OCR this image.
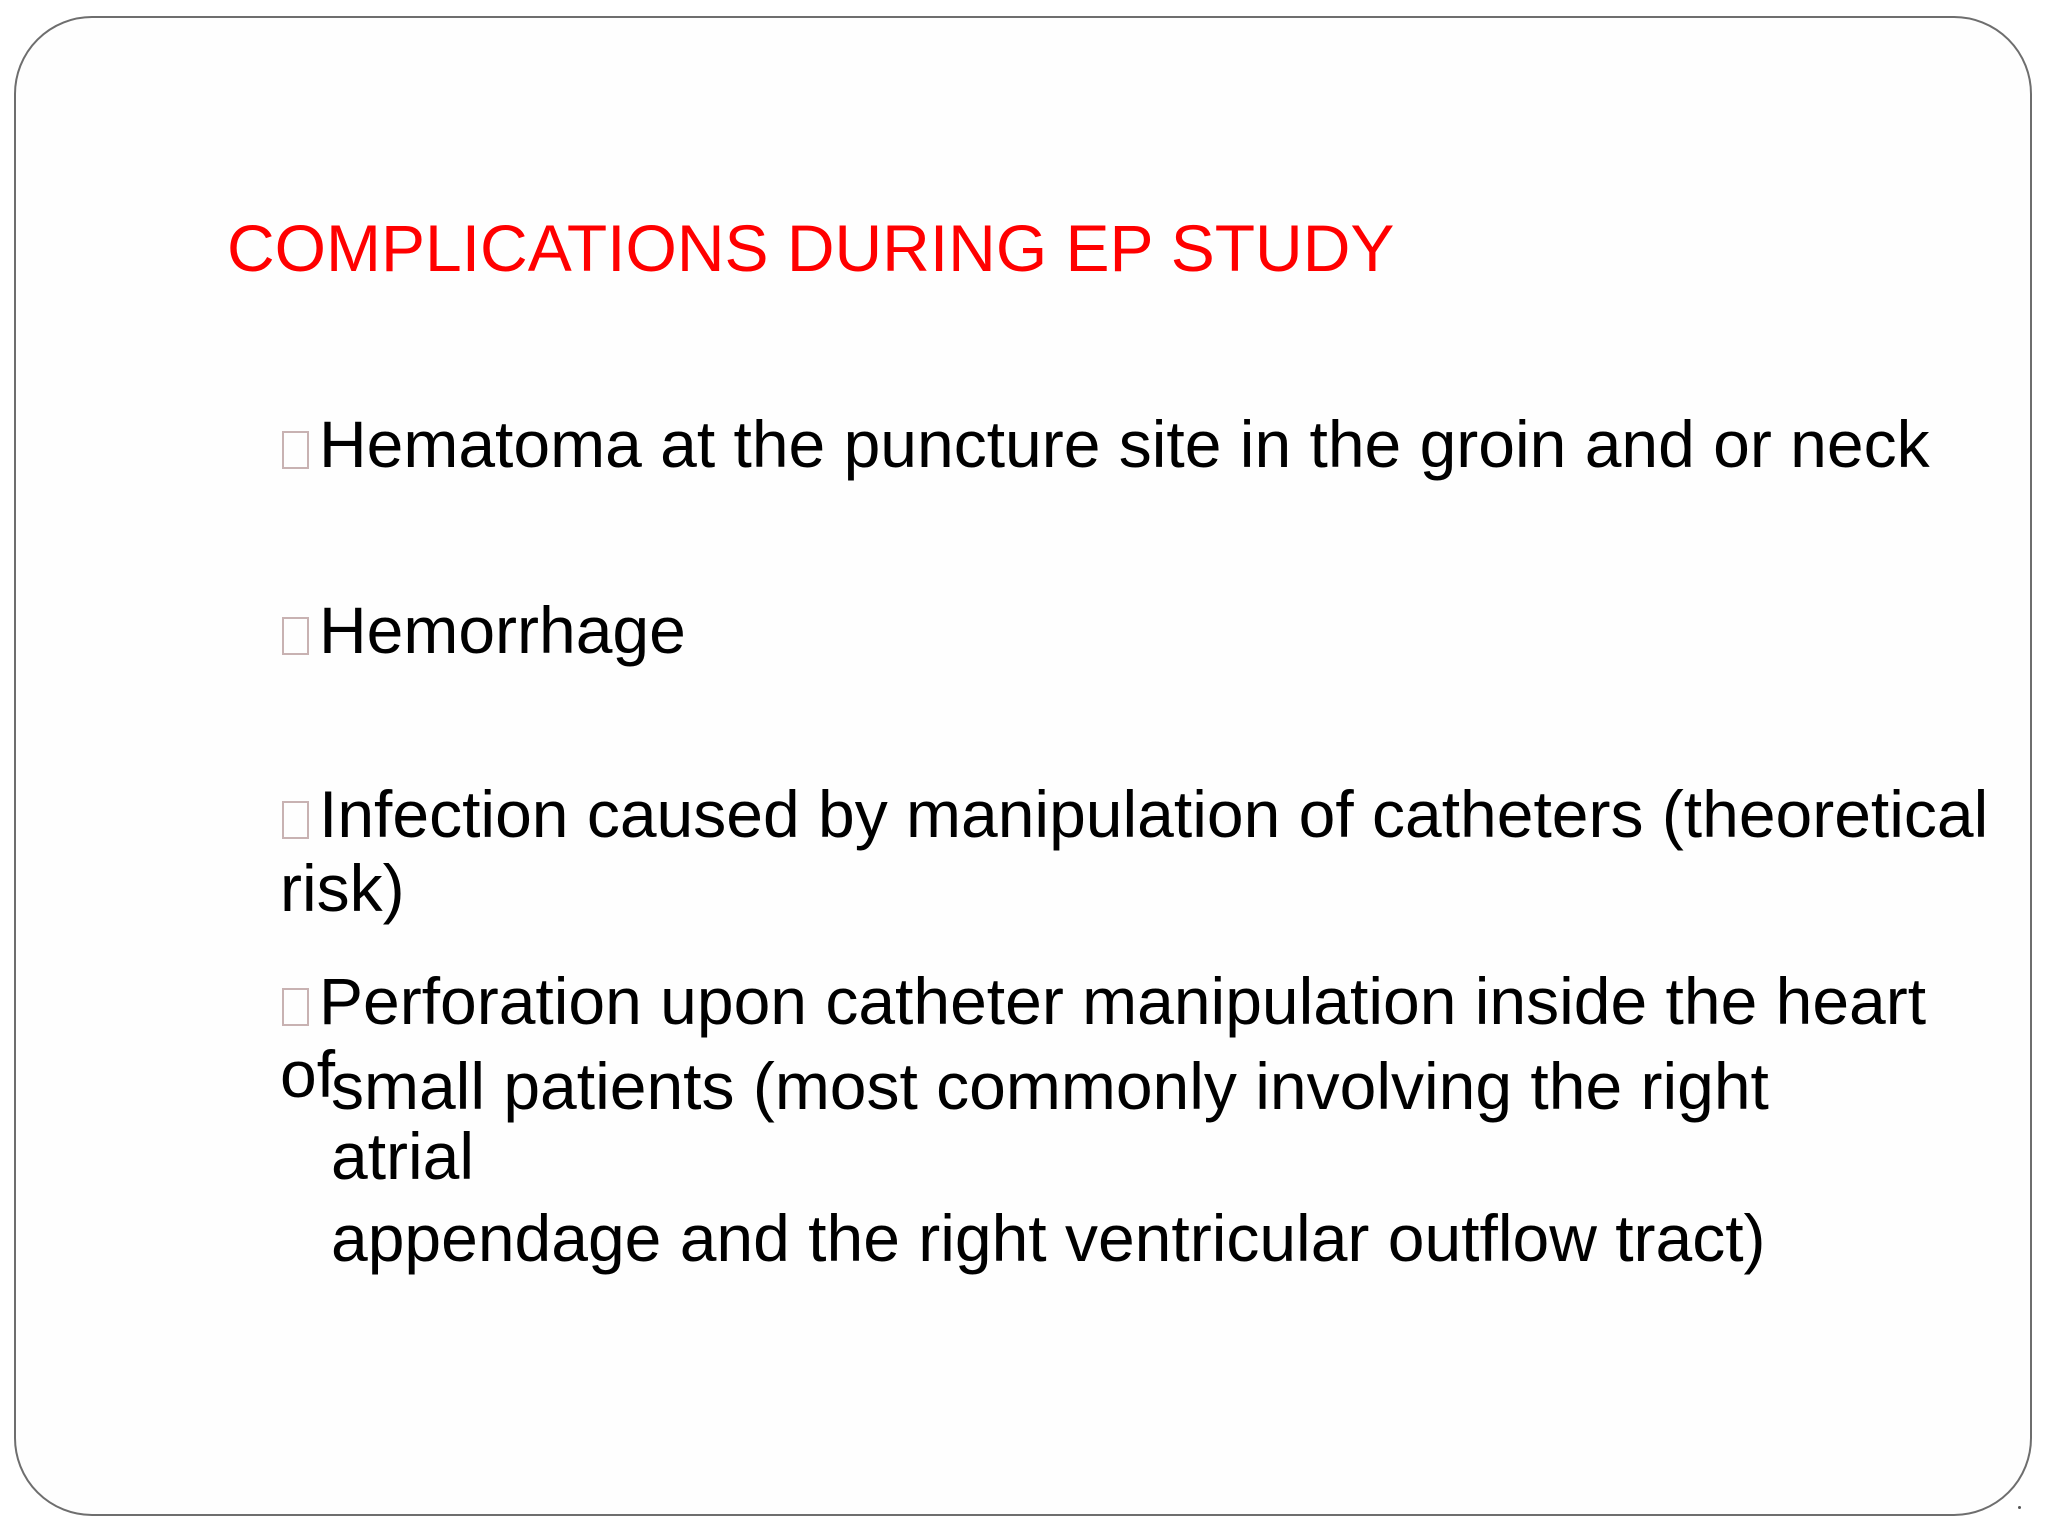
COMPLICATIONS DURING EP STUDY
Hematoma at the puncture site in the groin and or neck
Hemorrhage
Infection caused by manipulation of catheters (theoretical
Perforation upon catheter manipulation inside the heart
risk)
of
small patients (most commonly involving the right
atrial
appendage and the right ventricular outflow tract)
